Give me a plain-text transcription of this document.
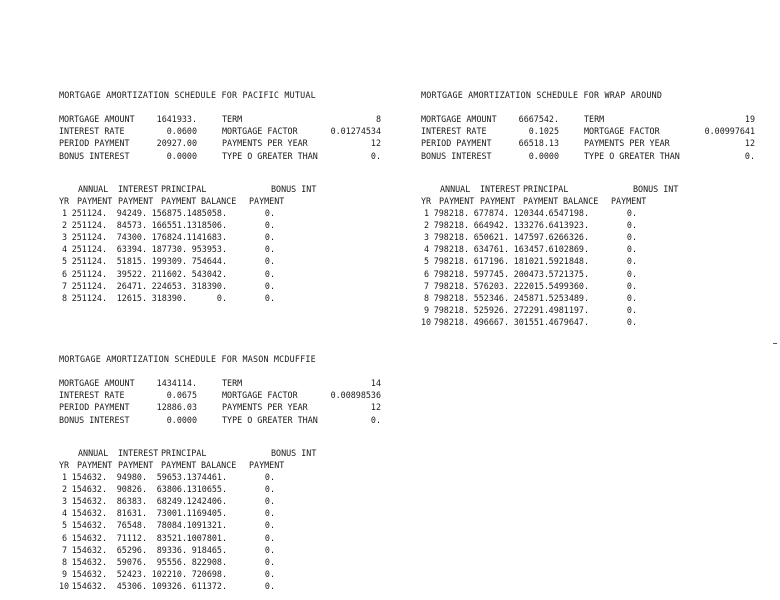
MORTGAGE AMORTIZATION SCHEDULE FOR PACIFIC MUTUAL
MORTGAGE AMOUNT	1641933.
INTEREST RATE	0.0600
PERIOD PAYMENT	20927.00
BONUS INTEREST	0.0000
TERM	8
MORTGAGE FACTOR	0.01274534
PAYMENTS PER YEAR	12
TYPE O GREATER THAN	0.
ANNUAL INTEREST PRINCIPAL	BONUS INT
YR PAYMENT PAYMENT PAYMENT BALANCE PAYMENT
1 251124.	94249. 156875. 1485058.	0.
2 251124.	84573. 166551. 1318506.	0.
3 251124.	74300. 176824. 1141683.	0.
4 251124.	63394. 187730. 953953.	0.
5 251124.	51815. 199309. 754644.	0.
6 251124.	39522. 211602. 543042.	0.
7 251124.	26471. 224653. 318390.	0.
8 251124.	12615. 318390.	0.	0.
MORTGAGE AMORTIZATION SCHEDULE FOR WRAP AROUND
MORTGAGE AMOUNT	6667542.
INTEREST RATE	0.1025
PERIOD PAYMENT	66518.13
BONUS INTEREST	0.0000
TERM	19
MORTGAGE FACTOR	0.00997641
PAYMENTS PER YEAR	12
TYPE O GREATER THAN	0.
ANNUAL INTEREST PRINCIPAL	BONUS INT
YR PAYMENT PAYMENT PAYMENT BALANCE PAYMENT
1 798218. 677874. 120344. 6547198.	0.
2 798218. 664942. 133276. 6413923.	0.
3 798218. 650621. 147597. 6266326.	0.
4 798218. 634761. 163457. 6102869.	0.
5 798218. 617196. 181021. 5921848.	0.
6 798218. 597745. 200473. 5721375.	0.
7 798218. 576203. 222015. 5499360.	0.
8 798218. 552346. 245871. 5253489.	0.
9 798218. 525926. 272291. 4981197.	0.
10 798218. 496667. 301551. 4679647.	0.
MORTGAGE AMORTIZATION SCHEDULE FOR MASON MCDUFFIE
MORTGAGE AMOUNT	1434114.
INTEREST RATE	0.0675
PERIOD PAYMENT	12886.03
BONUS INTEREST	0.0000
TERM	14
MORTGAGE FACTOR	0.00898536
PAYMENTS PER YEAR	12
TYPE O GREATER THAN	0.
ANNUAL INTEREST PRINCIPAL	BONUS INT
YR PAYMENT PAYMENT PAYMENT BALANCE PAYMENT
1 154632.	94980.	59653. 1374461.	0.
2 154632.	90826.	63806. 1310655.	0.
3 154632.	86383.	68249. 1242406.	0.
4 154632.	81631.	73001. 1169405.	0.
5 154632.	76548.	78084. 1091321.	0.
6 154632.	71112.	83521. 1007801.	0.
7 154632.	65296.	89336. 918465.	0.
8 154632.	59076.	95556. 822908.	0.
9 154632.	52423. 102210. 720698.	0.
10 154632.	45306. 109326. 611372.	0.
